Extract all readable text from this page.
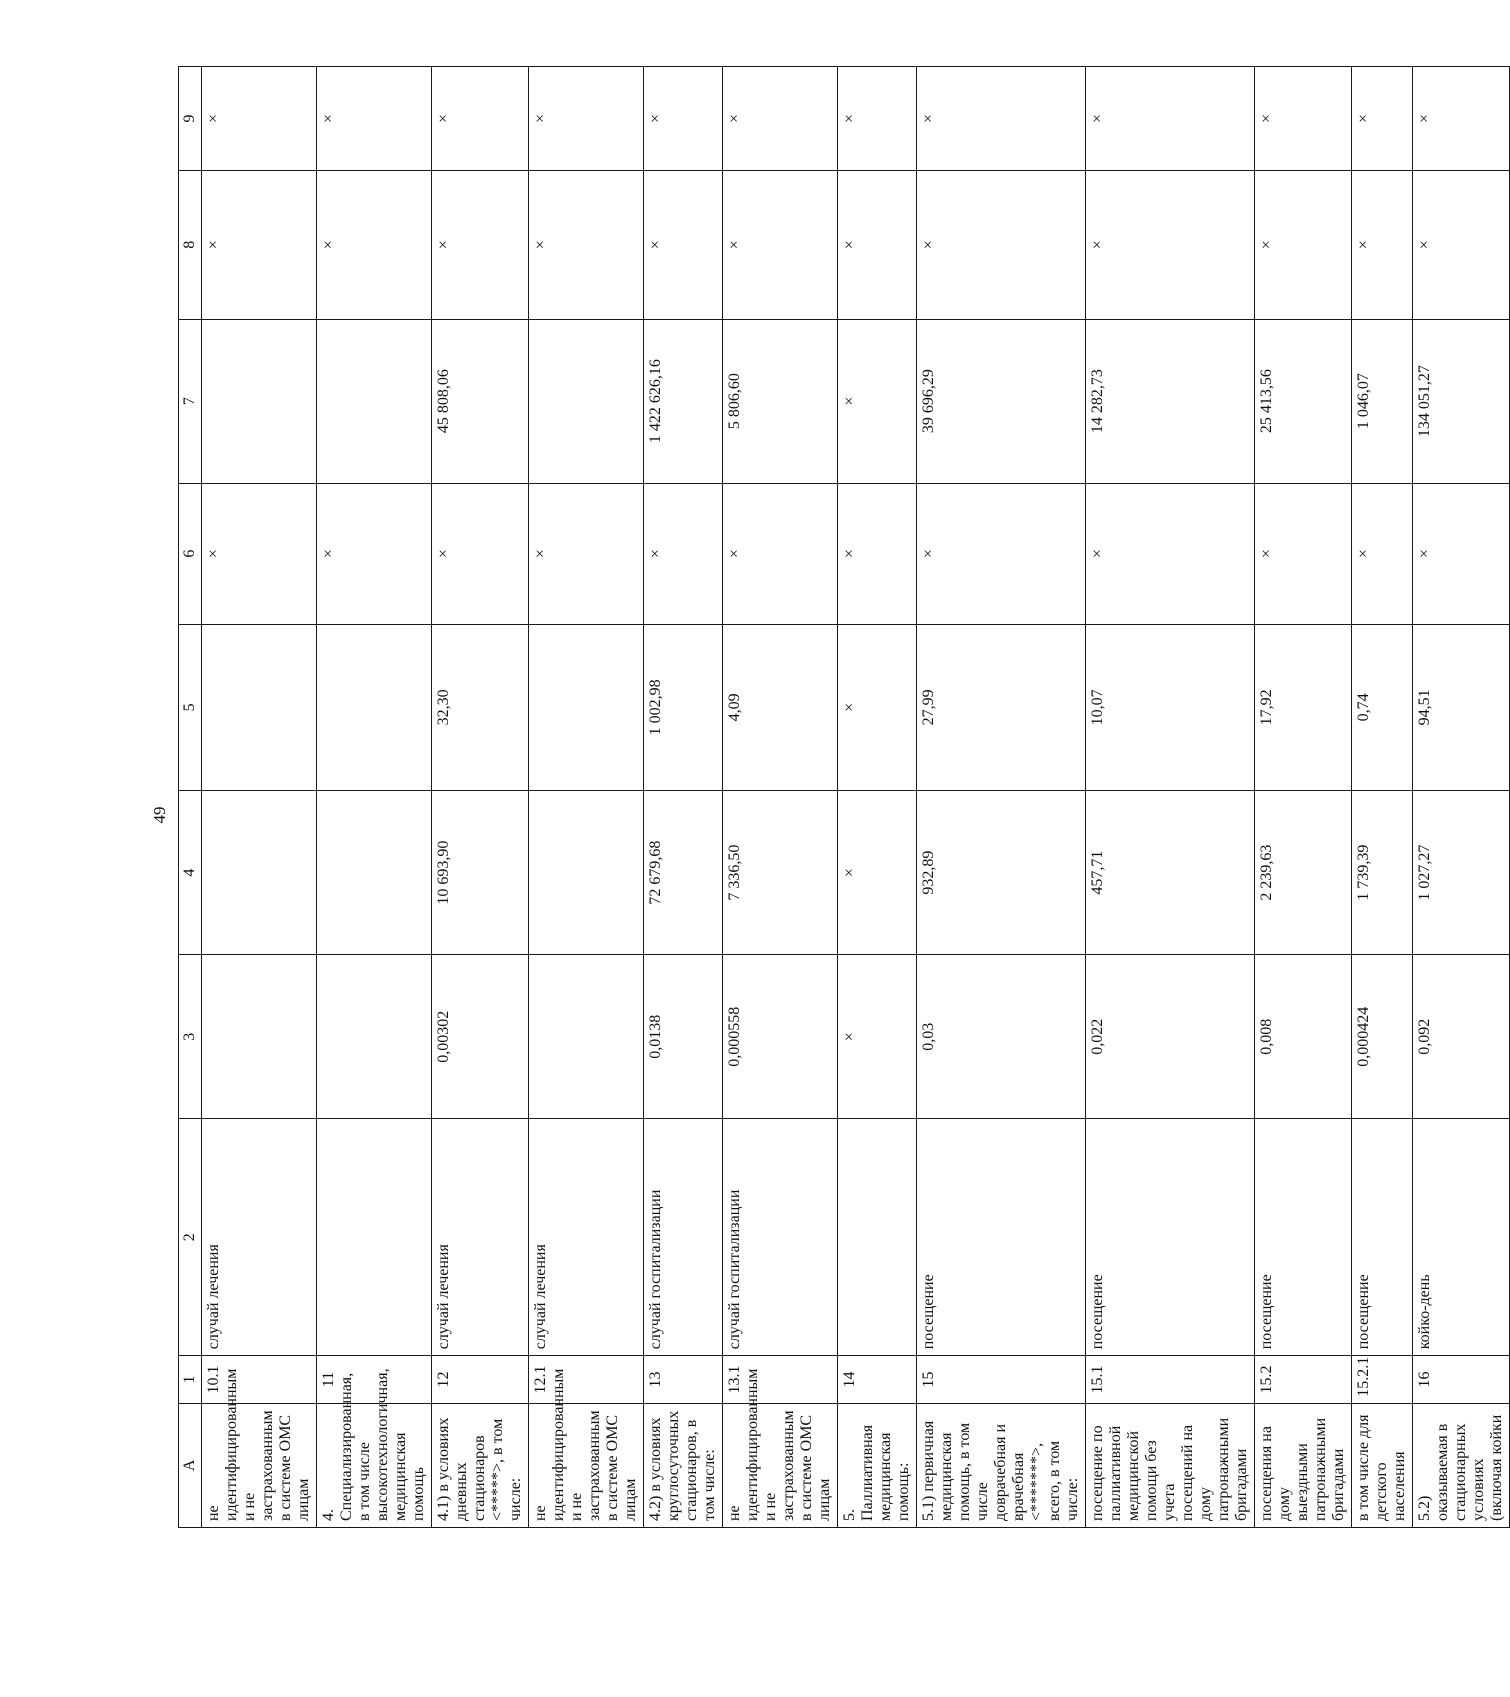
49
А	1	2	3	4	5	6	7	8	9
не идентифицированным и не застрахованным в системе ОМС лицам	10.1	случай лечения				×		×	×
4. Специализированная, в том числе высокотехнологичная, медицинская помощь	11					×		×	×
4.1) в условиях дневных стационаров <*****>, в том числе:	12	случай лечения	0,00302	10 693,90	32,30	×	45 808,06	×	×
не идентифицированным и не застрахованным в системе ОМС лицам	12.1	случай лечения				×		×	×
4.2) в условиях круглосуточных стационаров, в том числе:	13	случай госпитализации	0,0138	72 679,68	1 002,98	×	1 422 626,16	×	×
не идентифицированным и не застрахованным в системе ОМС лицам	13.1	случай госпитализации	0,000558	7 336,50	4,09	×	5 806,60	×	×
5. Паллиативная медицинская помощь:	14		×	×	×	×	×	×	×
5.1) первичная медицинская помощь, в том числе доврачебная и врачебная <*******>, всего, в том числе:	15	посещение	0,03	932,89	27,99	×	39 696,29	×	×
посещение по паллиативной медицинской помощи без учета посещений на дому патронажными бригадами	15.1	посещение	0,022	457,71	10,07	×	14 282,73	×	×
посещения на дому выездными патронажными бригадами	15.2	посещение	0,008	2 239,63	17,92	×	25 413,56	×	×
в том числе для детского населения	15.2.1	посещение	0,000424	1 739,39	0,74	×	1 046,07	×	×
5.2) оказываемая в стационарных условиях (включая койки	16	койко-день	0,092	1 027,27	94,51	×	134 051,27	×	×
